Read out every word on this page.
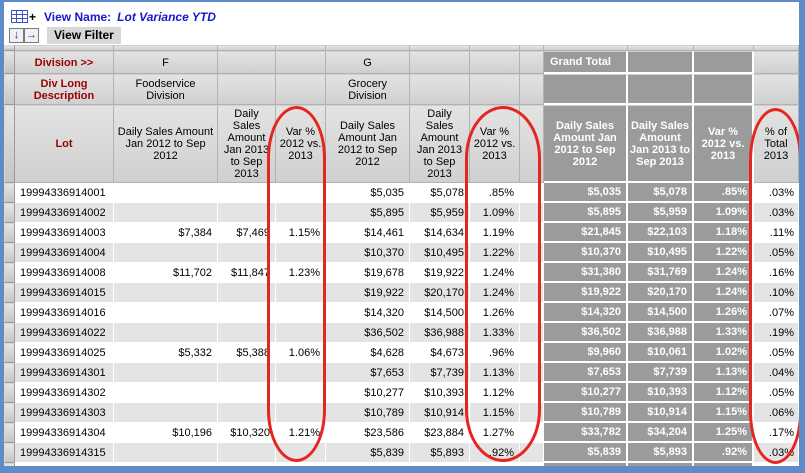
+ View Name: Lot Variance YTD
↓ →	View Filter

	Division >>	F			G				Grand Total			
	Div Long Description	Foodservice Division			Grocery Division							
	Lot	Daily Sales Amount Jan 2012 to Sep 2012	Daily Sales Amount Jan 2013 to Sep 2013	Var % 2012 vs. 2013	Daily Sales Amount Jan 2012 to Sep 2012	Daily Sales Amount Jan 2013 to Sep 2013	Var % 2012 vs. 2013		Daily Sales Amount Jan 2012 to Sep 2012	Daily Sales Amount Jan 2013 to Sep 2013	Var % 2012 vs. 2013	% of Total 2013
	19994336914001				$5,035	$5,078	.85%		$5,035	$5,078	.85%	.03%
	19994336914002				$5,895	$5,959	1.09%		$5,895	$5,959	1.09%	.03%
	19994336914003	$7,384	$7,469	1.15%	$14,461	$14,634	1.19%		$21,845	$22,103	1.18%	.11%
	19994336914004				$10,370	$10,495	1.22%		$10,370	$10,495	1.22%	.05%
	19994336914008	$11,702	$11,847	1.23%	$19,678	$19,922	1.24%		$31,380	$31,769	1.24%	.16%
	19994336914015				$19,922	$20,170	1.24%		$19,922	$20,170	1.24%	.10%
	19994336914016				$14,320	$14,500	1.26%		$14,320	$14,500	1.26%	.07%
	19994336914022				$36,502	$36,988	1.33%		$36,502	$36,988	1.33%	.19%
	19994336914025	$5,332	$5,388	1.06%	$4,628	$4,673	.96%		$9,960	$10,061	1.02%	.05%
	19994336914301				$7,653	$7,739	1.13%		$7,653	$7,739	1.13%	.04%
	19994336914302				$10,277	$10,393	1.12%		$10,277	$10,393	1.12%	.05%
	19994336914303				$10,789	$10,914	1.15%		$10,789	$10,914	1.15%	.06%
	19994336914304	$10,196	$10,320	1.21%	$23,586	$23,884	1.27%		$33,782	$34,204	1.25%	.17%
	19994336914315				$5,839	$5,893	.92%		$5,839	$5,893	.92%	.03%
	19994336914322				$39,552	$40,075	1.32%		$39,552	$40,075	1.32%	.20%
